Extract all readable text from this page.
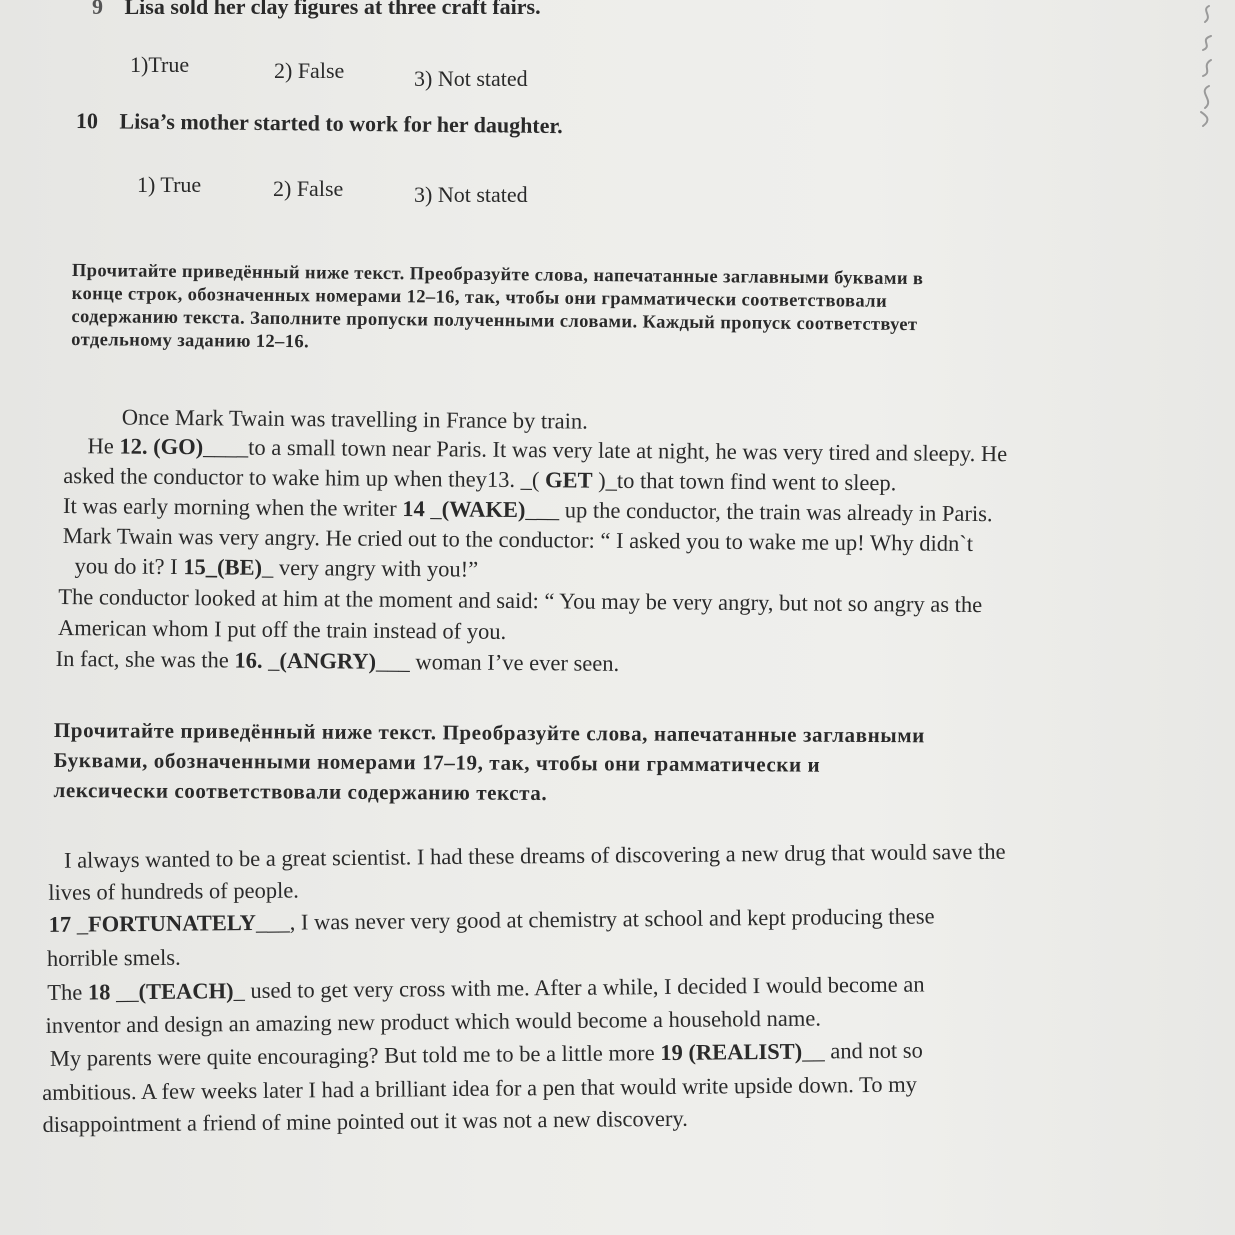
9 Lisa sold her clay figures at three craft fairs.
1)True	2) False	3) Not stated
10 Lisa’s mother started to work for her daughter.
1) True	2) False	3) Not stated
Прочитайте приведённый ниже текст. Преобразуйте слова, напечатанные заглавными буквами в
конце строк, обозначенных номерами 12–16, так, чтобы они грамматически соответствовали
содержанию текста. Заполните пропуски полученными словами. Каждый пропуск соответствует
отдельному заданию 12–16.
Once Mark Twain was travelling in France by train.
He 12. (GO)____to a small town near Paris. It was very late at night, he was very tired and sleepy. He
asked the conductor to wake him up when they13. _( GET )_to that town find went to sleep.
It was early morning when the writer 14 _(WAKE)___ up the conductor, the train was already in Paris.
Mark Twain was very angry. He cried out to the conductor: “ I asked you to wake me up! Why didn`t
you do it? I 15_(BE)_ very angry with you!”
The conductor looked at him at the moment and said: “ You may be very angry, but not so angry as the
American whom I put off the train instead of you.
In fact, she was the 16. _(ANGRY)___ woman I’ve ever seen.
Прочитайте приведённый ниже текст. Преобразуйте слова, напечатанные заглавными
Буквами, обозначенными номерами 17–19, так, чтобы они грамматически и
лексически соответствовали содержанию текста.
I always wanted to be a great scientist. I had these dreams of discovering a new drug that would save the
lives of hundreds of people.
17 _FORTUNATELY___, I was never very good at chemistry at school and kept producing these
horrible smels.
The 18 __(TEACH)_ used to get very cross with me. After a while, I decided I would become an
inventor and design an amazing new product which would become a household name.
My parents were quite encouraging? But told me to be a little more 19 (REALIST)__ and not so
ambitious. A few weeks later I had a brilliant idea for a pen that would write upside down. To my
disappointment a friend of mine pointed out it was not a new discovery.
